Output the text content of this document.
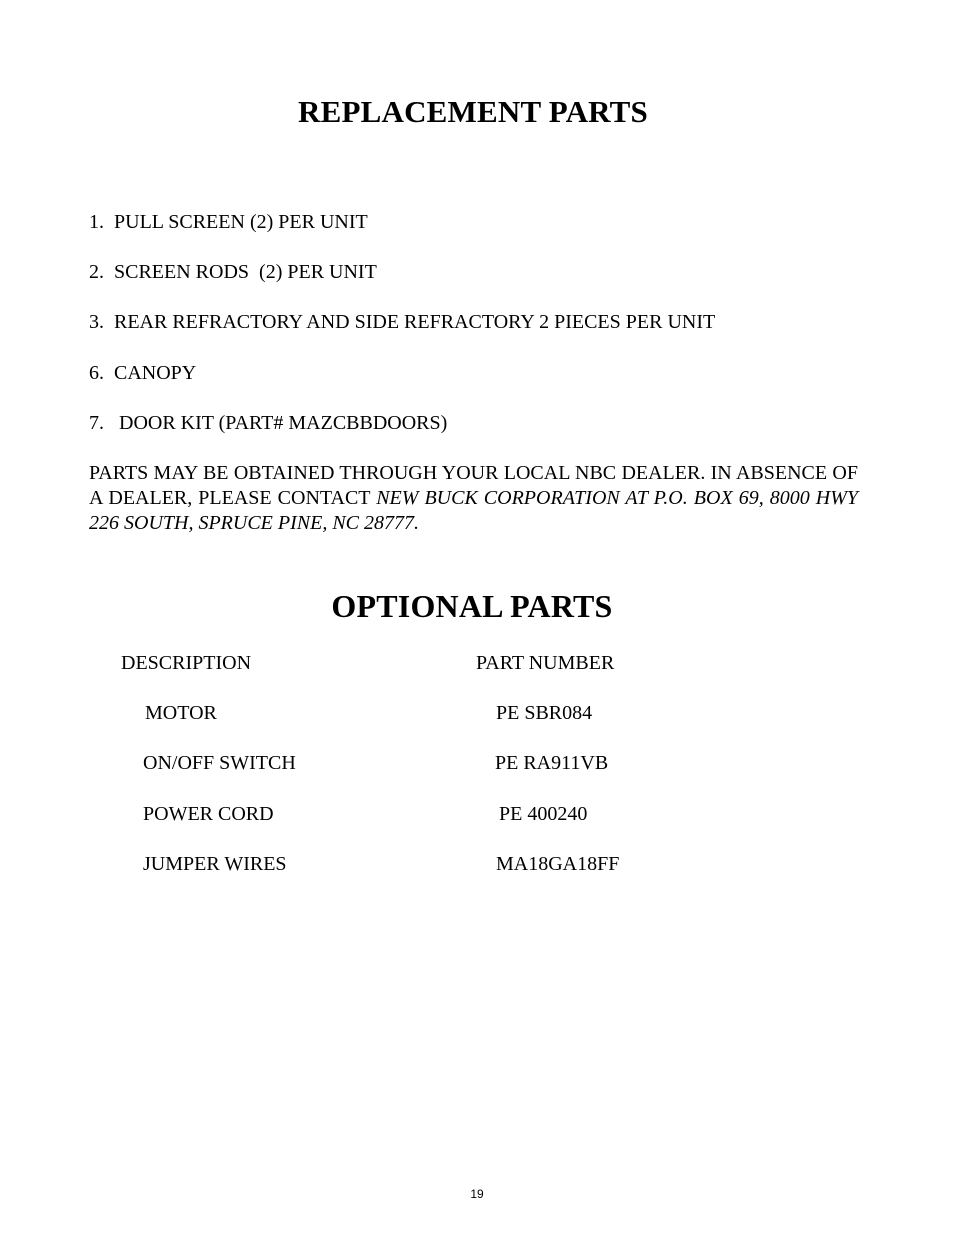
REPLACEMENT PARTS
1.  PULL SCREEN (2) PER UNIT
2.  SCREEN RODS  (2) PER UNIT
3.  REAR REFRACTORY AND SIDE REFRACTORY 2 PIECES PER UNIT
6.  CANOPY
7.   DOOR KIT (PART# MAZCBBDOORS)
PARTS MAY BE OBTAINED THROUGH YOUR LOCAL NBC DEALER. IN ABSENCE OF A DEALER, PLEASE CONTACT NEW BUCK CORPORATION AT P.O. BOX 69, 8000 HWY 226 SOUTH, SPRUCE PINE, NC 28777.
OPTIONAL PARTS
DESCRIPTION	PART NUMBER
MOTOR	PE SBR084
ON/OFF SWITCH	PE RA911VB
POWER CORD	PE 400240
JUMPER WIRES	MA18GA18FF
19
